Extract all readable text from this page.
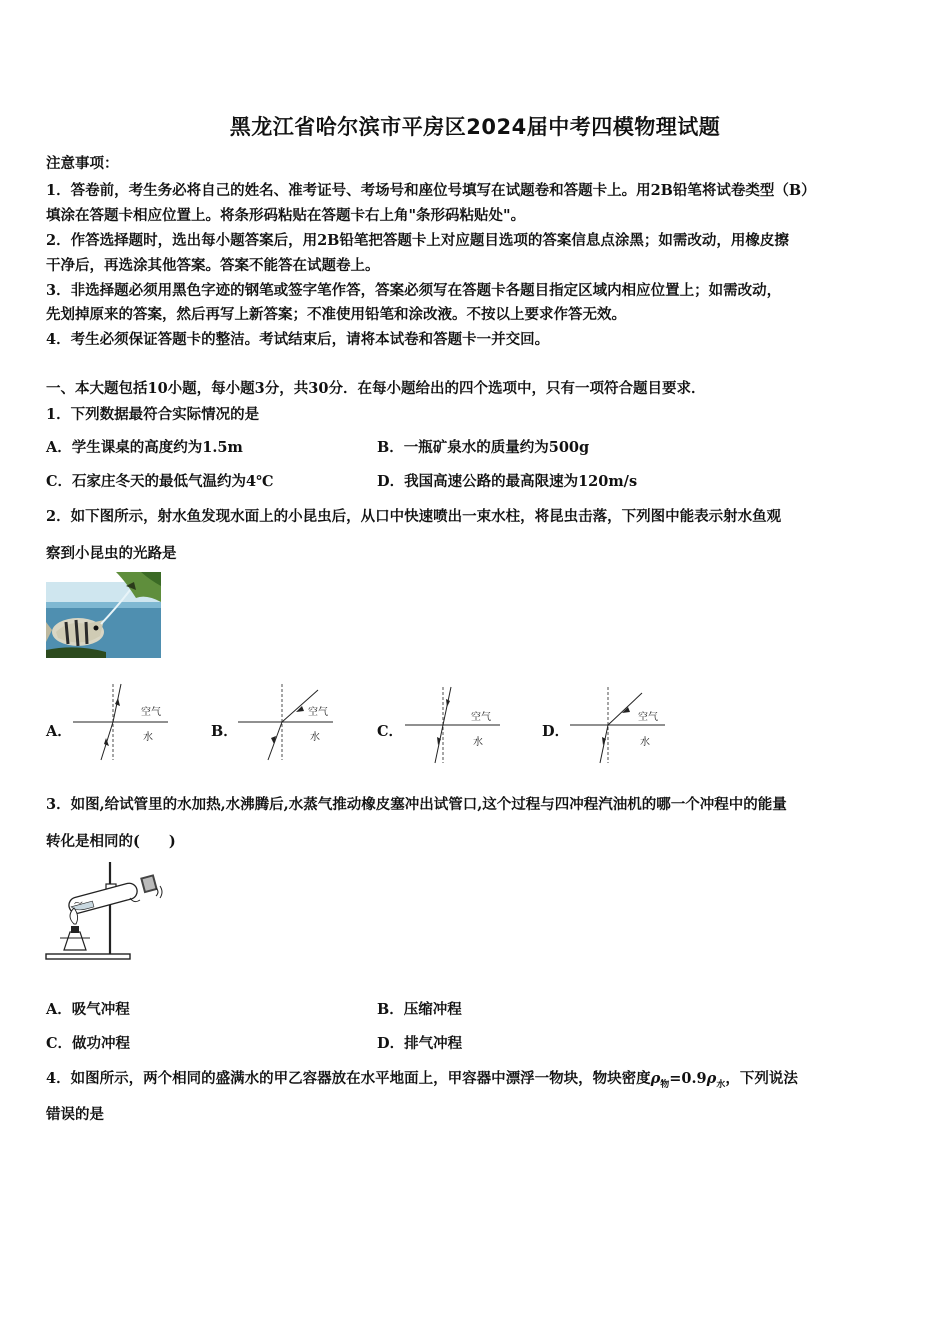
黑龙江省哈尔滨市平房区2024届中考四模物理试题
注意事项：
1．答卷前，考生务必将自己的姓名、准考证号、考场号和座位号填写在试题卷和答题卡上。用2B铅笔将试卷类型（B）
填涂在答题卡相应位置上。将条形码粘贴在答题卡右上角"条形码粘贴处"。
2．作答选择题时，选出每小题答案后，用2B铅笔把答题卡上对应题目选项的答案信息点涂黑；如需改动，用橡皮擦
干净后，再选涂其他答案。答案不能答在试题卷上。
3．非选择题必须用黑色字迹的钢笔或签字笔作答，答案必须写在答题卡各题目指定区域内相应位置上；如需改动，
先划掉原来的答案，然后再写上新答案；不准使用铅笔和涂改液。不按以上要求作答无效。
4．考生必须保证答题卡的整洁。考试结束后，请将本试卷和答题卡一并交回。
一、本大题包括10小题，每小题3分，共30分．在每小题给出的四个选项中，只有一项符合题目要求．
1．下列数据最符合实际情况的是
A．学生课桌的高度约为1.5m	B．一瓶矿泉水的质量约为500g
C．石家庄冬天的最低气温约为4℃	D．我国高速公路的最高限速为120m/s
2．如下图所示，射水鱼发现水面上的小昆虫后，从口中快速喷出一束水柱，将昆虫击落，下列图中能表示射水鱼观
察到小昆虫的光路是
A．	B．	C．	D．
空气
水
空气
水
空气
水
空气
水
3．如图,给试管里的水加热,水沸腾后,水蒸气推动橡皮塞冲出试管口,这个过程与四冲程汽油机的哪一个冲程中的能量
转化是相同的(　　)
A．吸气冲程	B．压缩冲程
C．做功冲程	D．排气冲程
4．如图所示，两个相同的盛满水的甲乙容器放在水平地面上，甲容器中漂浮一物块，物块密度$\rho_物=0.9\rho_水$，下列说法
错误的是
